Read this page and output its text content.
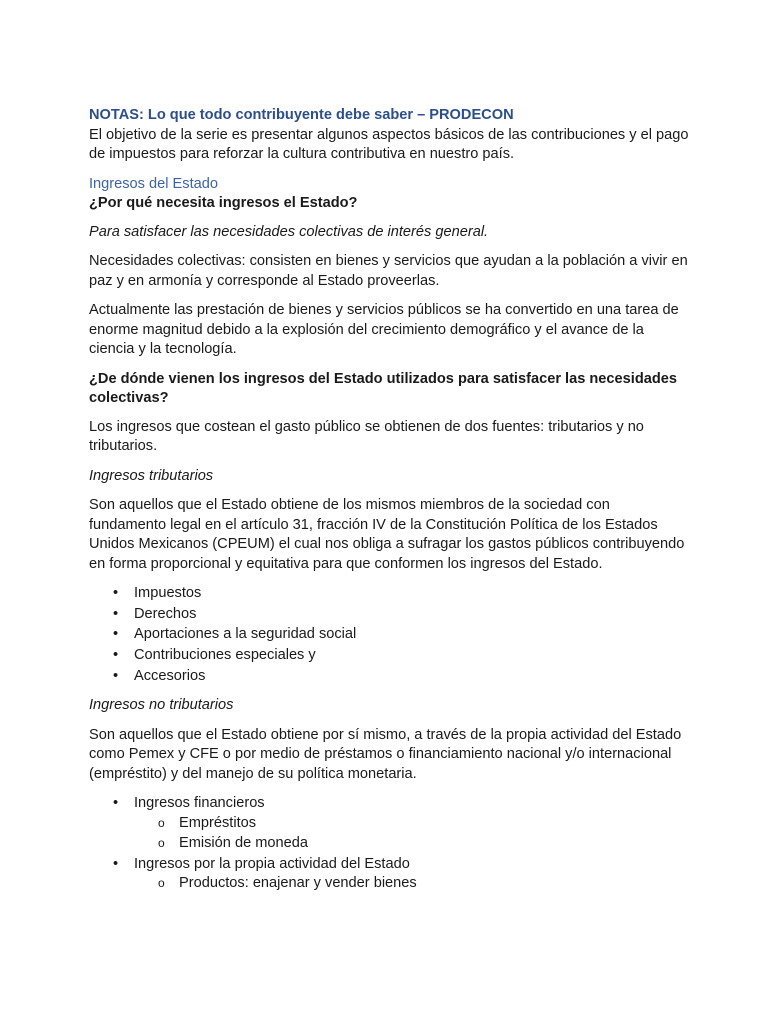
NOTAS: Lo que todo contribuyente debe saber – PRODECON

El objetivo de la serie es presentar algunos aspectos básicos de las contribuciones y el pago de impuestos para reforzar la cultura contributiva en nuestro país.

Ingresos del Estado

¿Por qué necesita ingresos el Estado?

Para satisfacer las necesidades colectivas de interés general.

Necesidades colectivas: consisten en bienes y servicios que ayudan a la población a vivir en paz y en armonía y corresponde al Estado proveerlas.

Actualmente las prestación de bienes y servicios públicos se ha convertido en una tarea de enorme magnitud debido a la explosión del crecimiento demográfico y el avance de la ciencia y la tecnología.

¿De dónde vienen los ingresos del Estado utilizados para satisfacer las necesidades colectivas?

Los ingresos que costean el gasto público se obtienen de dos fuentes: tributarios y no tributarios.

Ingresos tributarios

Son aquellos que el Estado obtiene de los mismos miembros de la sociedad con fundamento legal en el artículo 31, fracción IV de la Constitución Política de los Estados Unidos Mexicanos (CPEUM) el cual nos obliga a sufragar los gastos públicos contribuyendo en forma proporcional y equitativa para que conformen los ingresos del Estado.

• Impuestos
• Derechos
• Aportaciones a la seguridad social
• Contribuciones especiales y
• Accesorios

Ingresos no tributarios

Son aquellos que el Estado obtiene por sí mismo, a través de la propia actividad del Estado como Pemex y CFE o por medio de préstamos o financiamiento nacional y/o internacional (empréstito) y del manejo de su política monetaria.

• Ingresos financieros
o Empréstitos
o Emisión de moneda
• Ingresos por la propia actividad del Estado
o Productos: enajenar y vender bienes
